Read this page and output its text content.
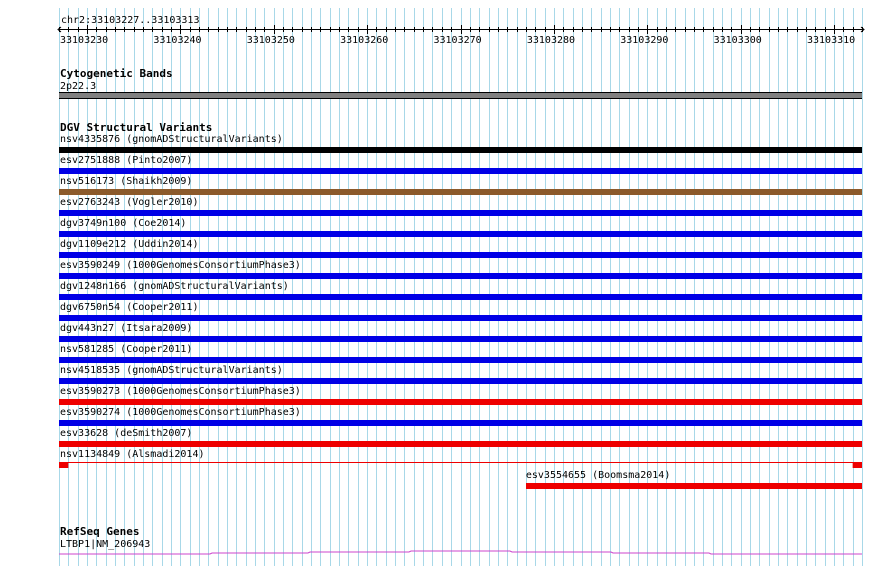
chr2:33103227..33103313
33103230	33103240	33103250	33103260	33103270	33103280	33103290	33103300	33103310
Cytogenetic Bands
2p22.3
DGV Structural Variants
nsv4335876 (gnomADStructuralVariants)
esv2751888 (Pinto2007)
nsv516173 (Shaikh2009)
esv2763243 (Vogler2010)
dgv3749n100 (Coe2014)
dgv1109e212 (Uddin2014)
esv3590249 (1000GenomesConsortiumPhase3)
dgv1248n166 (gnomADStructuralVariants)
dgv6750n54 (Cooper2011)
dgv443n27 (Itsara2009)
nsv581285 (Cooper2011)
nsv4518535 (gnomADStructuralVariants)
esv3590273 (1000GenomesConsortiumPhase3)
esv3590274 (1000GenomesConsortiumPhase3)
esv33628 (deSmith2007)
nsv1134849 (Alsmadi2014)
esv3554655 (Boomsma2014)
RefSeq Genes
LTBP1|NM_206943
